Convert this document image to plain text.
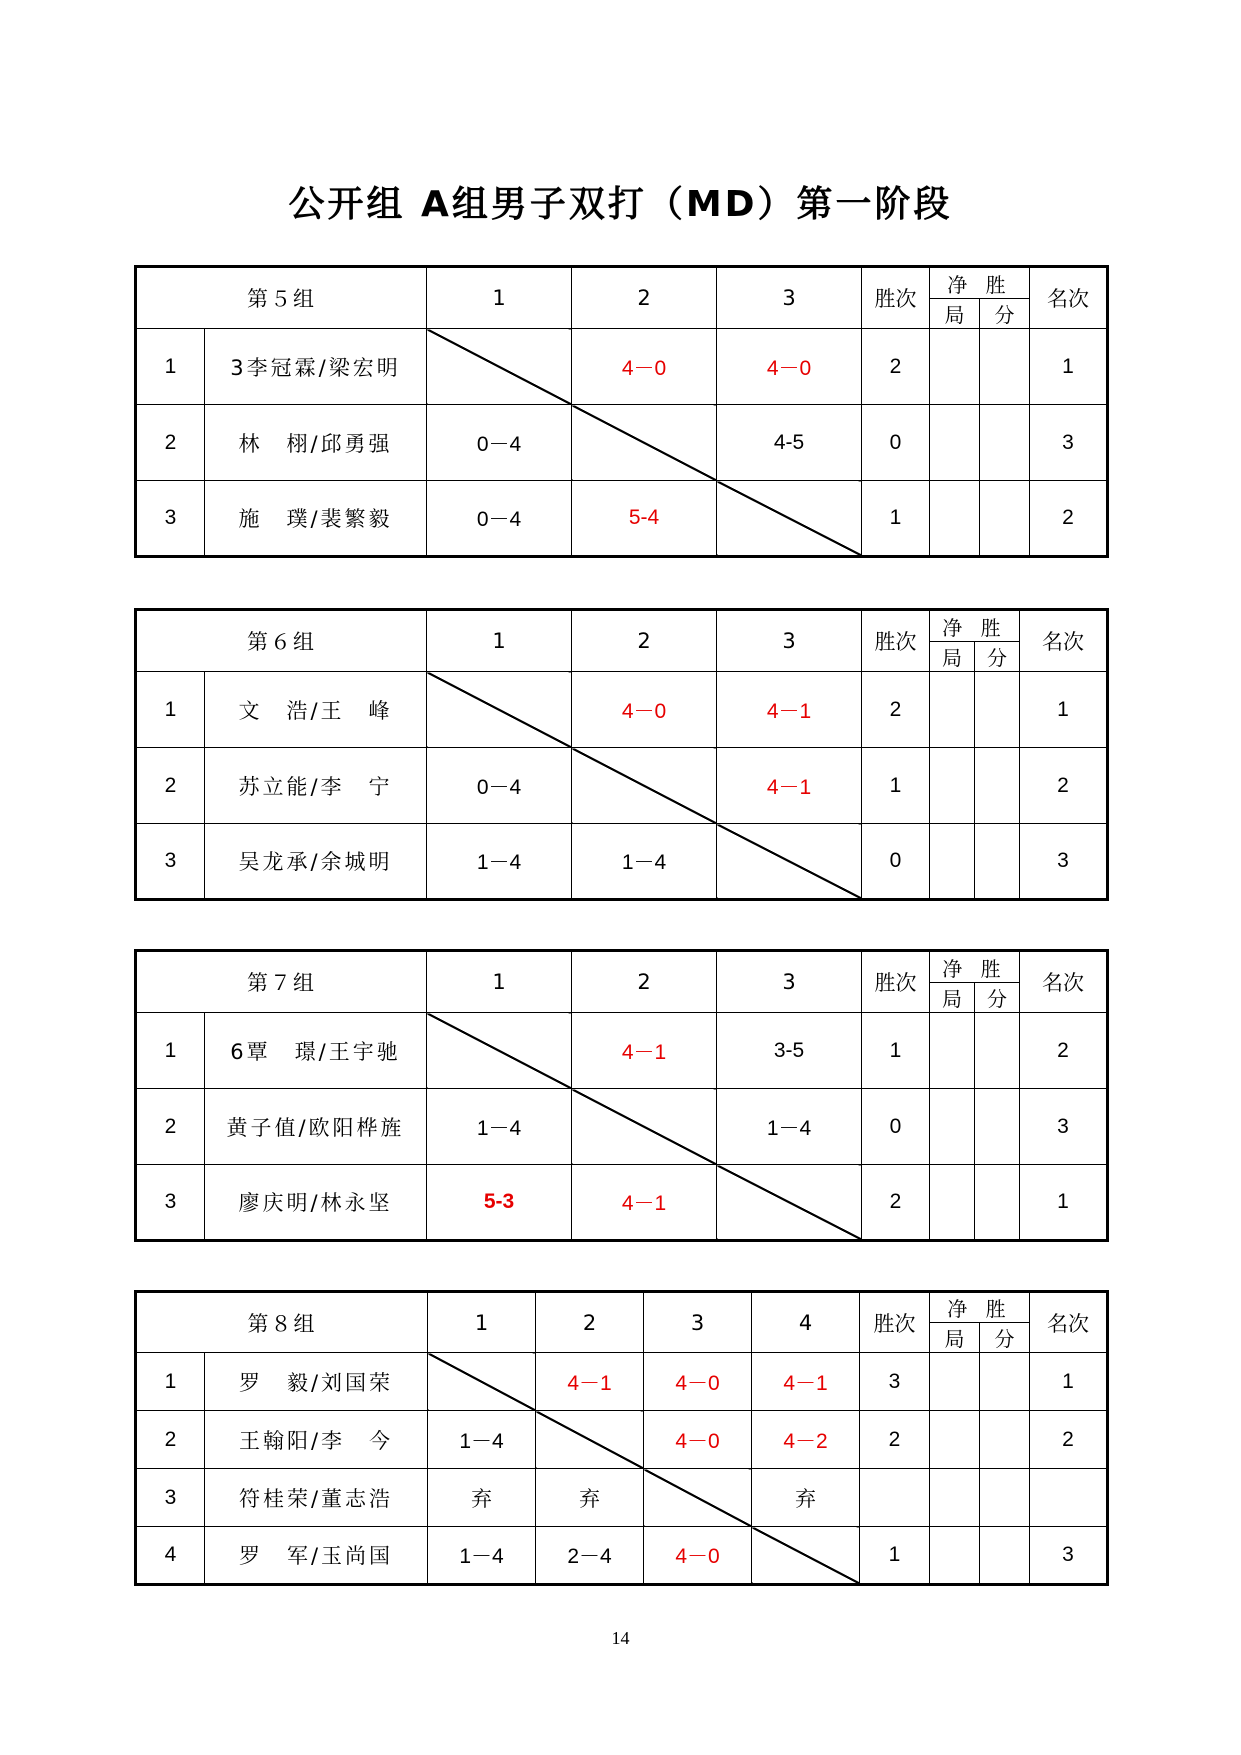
公开组 A组男子双打（MD）第一阶段
第５组		1	2	3	胜次	净 胜
局 分		名次
1	3李冠霖/梁宏明		4－0	4－0	2			1
2	林　栩/邱勇强	0－4		4-5	0			3
3	施　璞/裴繁毅	0－4	5-4		1			2
第６组		1	2	3	胜次	净 胜
局 分		名次
1	文　浩/王　峰		4－0	4－1	2			1
2	苏立能/李　宁	0－4		4－1	1			2
3	吴龙承/余城明	1－4	1－4		0			3
第７组		1	2	3	胜次	净 胜
局 分		名次
1	6覃　璟/王宇驰		4－1	3-5	1			2
2	黄子值/欧阳桦旌	1－4		1－4	0			3
3	廖庆明/林永坚	5-3	4－1		2			1
第８组		1	2	3	4	胜次	净 胜
局 分		名次
1	罗　毅/刘国荣		4－1	4－0	4－1	3			1
2	王翰阳/李　今	1－4		4－0	4－2	2			2
3	符桂荣/董志浩	弃	弃		弃				
4	罗　军/玉尚国	1－4	2－4	4－0		1			3
14
